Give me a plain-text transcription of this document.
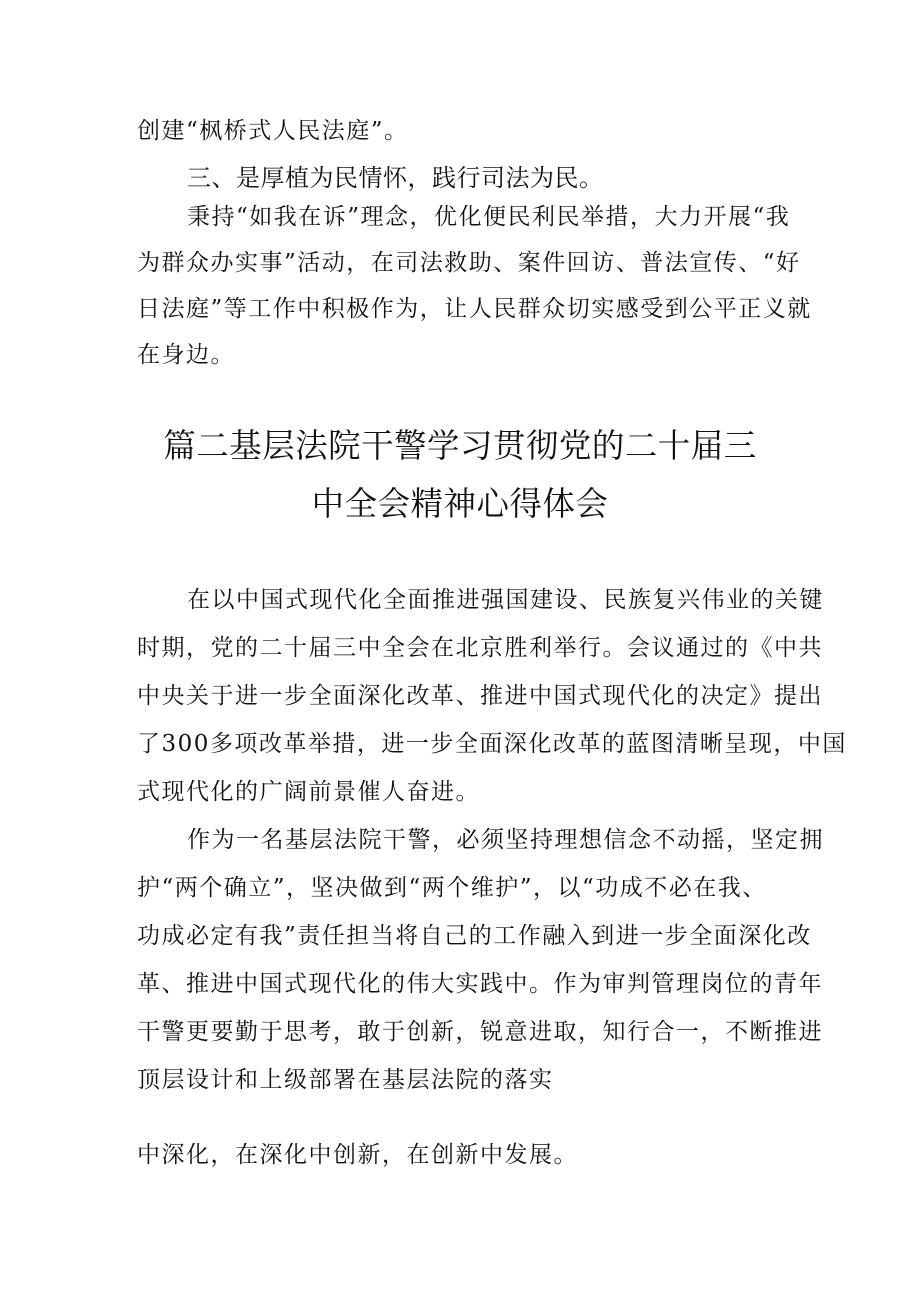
创建“枫桥式人民法庭”。
三、是厚植为民情怀，践行司法为民。
秉持“如我在诉”理念，优化便民利民举措，大力开展“我
为群众办实事”活动，在司法救助、案件回访、普法宣传、“好
日法庭”等工作中积极作为，让人民群众切实感受到公平正义就
在身边。
篇二基层法院干警学习贯彻党的二十届三
中全会精神心得体会
在以中国式现代化全面推进强国建设、民族复兴伟业的关键
时期，党的二十届三中全会在北京胜利举行。会议通过的《中共
中央关于进一步全面深化改革、推进中国式现代化的决定》提出
了300多项改革举措，进一步全面深化改革的蓝图清晰呈现，中国
式现代化的广阔前景催人奋进。
作为一名基层法院干警，必须坚持理想信念不动摇，坚定拥
护“两个确立”，坚决做到“两个维护”，以“功成不必在我、
功成必定有我”责任担当将自己的工作融入到进一步全面深化改
革、推进中国式现代化的伟大实践中。作为审判管理岗位的青年
干警更要勤于思考，敢于创新，锐意进取，知行合一，不断推进
顶层设计和上级部署在基层法院的落实
中深化，在深化中创新，在创新中发展。
